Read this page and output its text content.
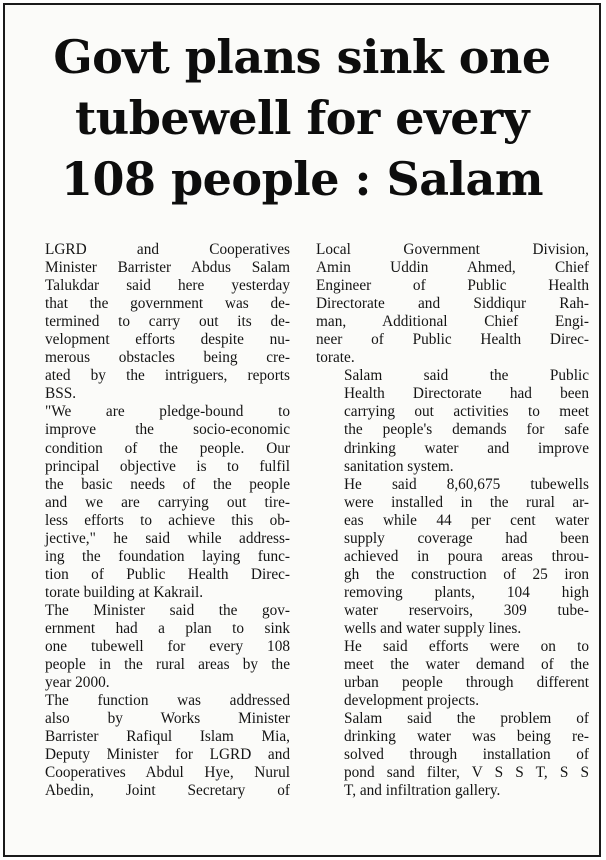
Govt plans sink one
tubewell for every
108 people : Salam

LGRD and Cooperatives
Minister Barrister Abdus Salam
Talukdar said here yesterday
that the government was de-
termined to carry out its de-
velopment efforts despite nu-
merous obstacles being cre-
ated by the intriguers, reports
BSS.

"We are pledge-bound to
improve the socio-economic
condition of the people. Our
principal objective is to fulfil
the basic needs of the people
and we are carrying out tire-
less efforts to achieve this ob-
jective," he said while address-
ing the foundation laying func-
tion of Public Health Direc-
torate building at Kakrail.

The Minister said the gov-
ernment had a plan to sink
one tubewell for every 108
people in the rural areas by the
year 2000.

The function was addressed
also by Works Minister
Barrister Rafiqul Islam Mia,
Deputy Minister for LGRD and
Cooperatives Abdul Hye, Nurul
Abedin, Joint Secretary of

Local Government Division,
Amin Uddin Ahmed, Chief
Engineer of Public Health
Directorate and Siddiqur Rah-
man, Additional Chief Engi-
neer of Public Health Direc-
torate.

Salam said the Public
Health Directorate had been
carrying out activities to meet
the people's demands for safe
drinking water and improve
sanitation system.

He said 8,60,675 tubewells
were installed in the rural ar-
eas while 44 per cent water
supply coverage had been
achieved in poura areas throu-
gh the construction of 25 iron
removing plants, 104 high
water reservoirs, 309 tube-
wells and water supply lines.

He said efforts were on to
meet the water demand of the
urban people through different
development projects.

Salam said the problem of
drinking water was being re-
solved through installation of
pond sand filter, V S S T, S S
T, and infiltration gallery.
